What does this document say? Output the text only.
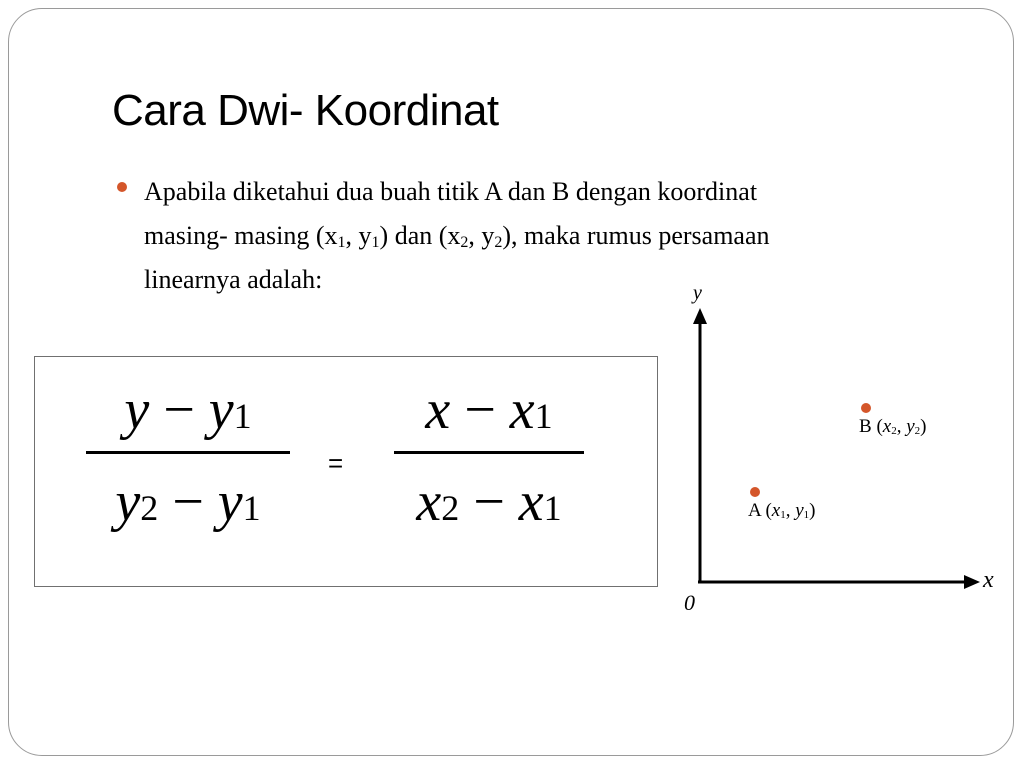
Cara Dwi- Koordinat
Apabila diketahui dua buah titik A dan B dengan koordinat
masing- masing ($x_1$, $y_1$) dan ($x_2$, $y_2$), maka rumus persamaan
linearnya adalah:
y − y1
y2 − y1
=
x − x1
x2 − x1
y
x
0
B ($x_2$, $y_2$)
A ($x_1$, $y_1$)
